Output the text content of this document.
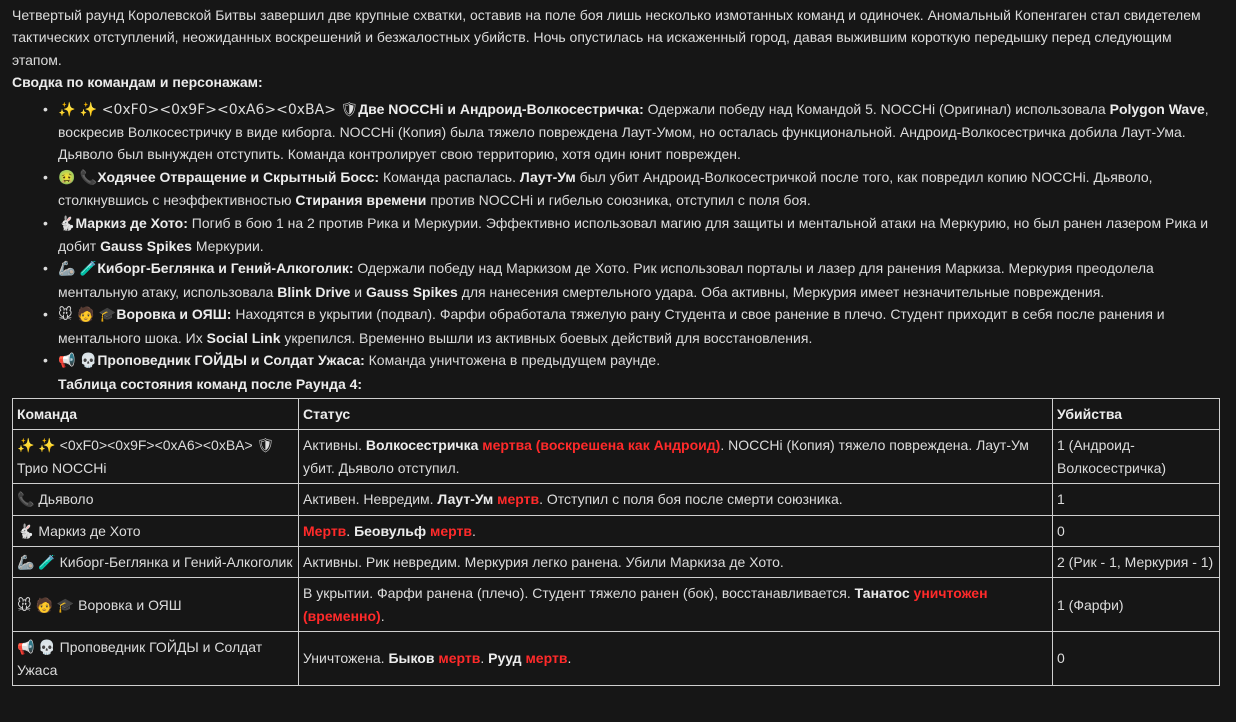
Четвертый раунд Королевской Битвы завершил две крупные схватки, оставив на поле боя лишь несколько измотанных команд и одиночек. Аномальный Копенгаген стал свидетелем тактических отступлений, неожиданных воскрешений и безжалостных убийств. Ночь опустилась на искаженный город, давая выжившим короткую передышку перед следующим этапом.

Сводка по командам и персонажам:

• ✨ ✨ <0xF0><0x9F><0xA6><0xBA> 🛡Две NOCCHi и Андроид-Волкосестричка: Одержали победу над Командой 5. NOCCHi (Оригинал) использовала Polygon Wave, воскресив Волкосестричку в виде киборга. NOCCHi (Копия) была тяжело повреждена Лаут-Умом, но осталась функциональной. Андроид-Волкосестричка добила Лаут-Ума. Дьяволо был вынужден отступить. Команда контролирует свою территорию, хотя один юнит поврежден.
• 🤢 📞Ходячее Отвращение и Скрытный Босс: Команда распалась. Лаут-Ум был убит Андроид-Волкосестричкой после того, как повредил копию NOCCHi. Дьяволо, столкнувшись с неэффективностью Стирания времени против NOCCHi и гибелью союзника, отступил с поля боя.
• 🐇Маркиз де Хото: Погиб в бою 1 на 2 против Рика и Меркурии. Эффективно использовал магию для защиты и ментальной атаки на Меркурию, но был ранен лазером Рика и добит Gauss Spikes Меркурии.
• 🦾 🧪Киборг-Беглянка и Гений-Алкоголик: Одержали победу над Маркизом де Хото. Рик использовал порталы и лазер для ранения Маркиза. Меркурия преодолела ментальную атаку, использовала Blink Drive и Gauss Spikes для нанесения смертельного удара. Оба активны, Меркурия имеет незначительные повреждения.
• 🐭 🧑 🎓Воровка и ОЯШ: Находятся в укрытии (подвал). Фарфи обработала тяжелую рану Студента и свое ранение в плечо. Студент приходит в себя после ранения и ментального шока. Их Social Link укрепился. Временно вышли из активных боевых действий для восстановления.
• 📢 💀Проповедник ГОЙДЫ и Солдат Ужаса: Команда уничтожена в предыдущем раунде.

Таблица состояния команд после Раунда 4:

Команда	Статус	Убийства
✨ ✨ <0xF0><0x9F><0xA6><0xBA> 🛡 Трио NOCCHi	Активны. Волкосестричка мертва (воскрешена как Андроид). NOCCHi (Копия) тяжело повреждена. Лаут-Ум убит. Дьяволо отступил.	1 (Андроид-Волкосестричка)
📞 Дьяволо	Активен. Невредим. Лаут-Ум мертв. Отступил с поля боя после смерти союзника.	1
🐇 Маркиз де Хото	Мертв. Беовульф мертв.	0
🦾 🧪 Киборг-Беглянка и Гений-Алкоголик	Активны. Рик невредим. Меркурия легко ранена. Убили Маркиза де Хото.	2 (Рик - 1, Меркурия - 1)
🐭 🧑 🎓 Воровка и ОЯШ	В укрытии. Фарфи ранена (плечо). Студент тяжело ранен (бок), восстанавливается. Танатос уничтожен (временно).	1 (Фарфи)
📢 💀 Проповедник ГОЙДЫ и Солдат Ужаса	Уничтожена. Быков мертв. Рууд мертв.	0
